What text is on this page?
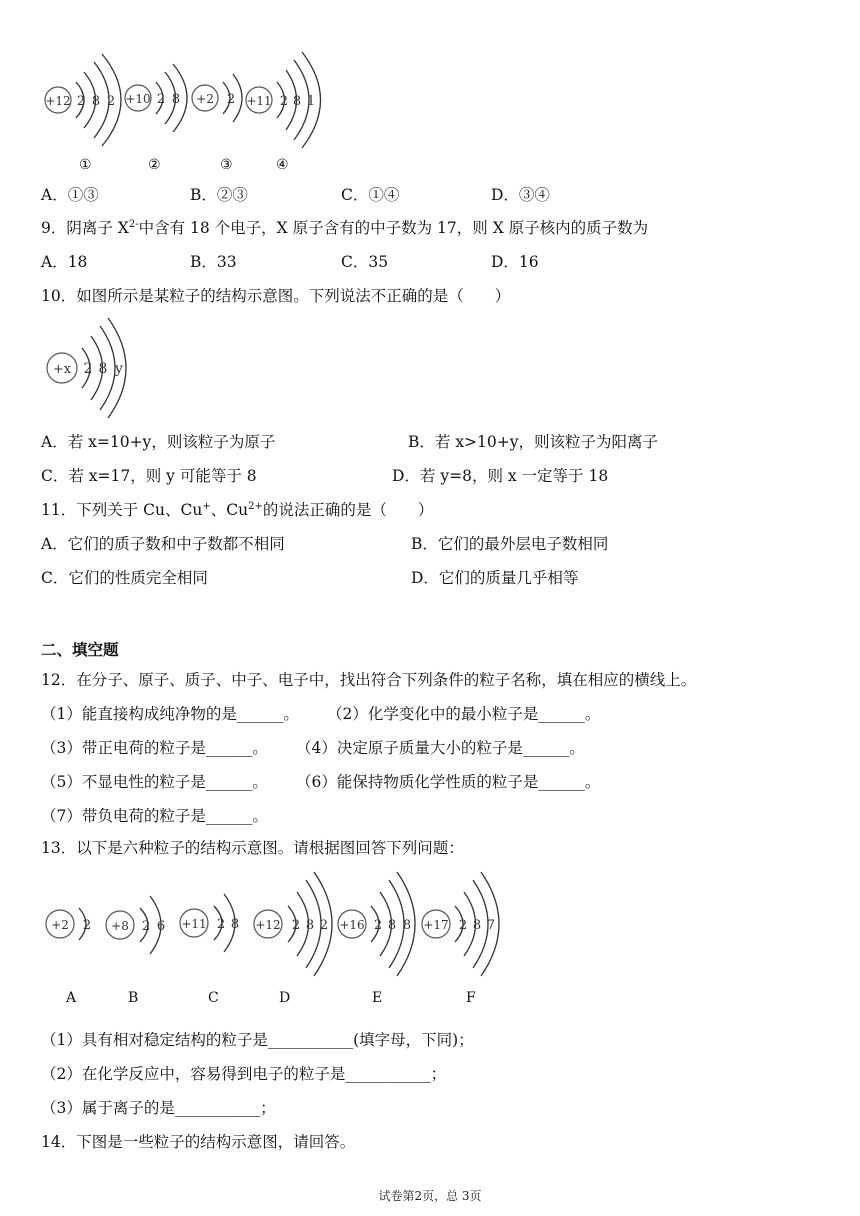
+12 2 8 2 +10 2 8 +2 2 +11 2 8 1
①	②	③	④
A．①③	B．②③	C．①④	D．③④
9．阴离子 $X^{2-}$中含有 18 个电子，X 原子含有的中子数为 17，则 X 原子核内的质子数为
A．18	B．33	C．35	D．16
10．如图所示是某粒子的结构示意图。下列说法不正确的是（　　）
+x 2 8 y
A．若 x=10+y，则该粒子为原子	B．若 x>10+y，则该粒子为阳离子
C．若 x=17，则 y 可能等于 8	D．若 y=8，则 x 一定等于 18
11．下列关于 Cu、Cu+、$Cu^{2+}$的说法正确的是（　　）
A．它们的质子数和中子数都不相同	B．它们的最外层电子数相同
C．它们的性质完全相同	D．它们的质量几乎相等
二、填空题
12．在分子、原子、质子、中子、电子中，找出符合下列条件的粒子名称，填在相应的横线上。
（1）能直接构成纯净物的是______。 （2）化学变化中的最小粒子是______。
（3）带正电荷的粒子是______。 （4）决定原子质量大小的粒子是______。
（5）不显电性的粒子是______。 （6）能保持物质化学性质的粒子是______。
（7）带负电荷的粒子是______。
13．以下是六种粒子的结构示意图。请根据图回答下列问题：
+2 2 +8 2 6 +11 2 8 +12 2 8 2 +16 2 8 8 +17 2 8 7
A	B	C	D	E	F
（1）具有相对稳定结构的粒子是___________(填字母，下同)；
（2）在化学反应中，容易得到电子的粒子是___________；
（3）属于离子的是___________；
14．下图是一些粒子的结构示意图，请回答。
试卷第2页，总 3页
